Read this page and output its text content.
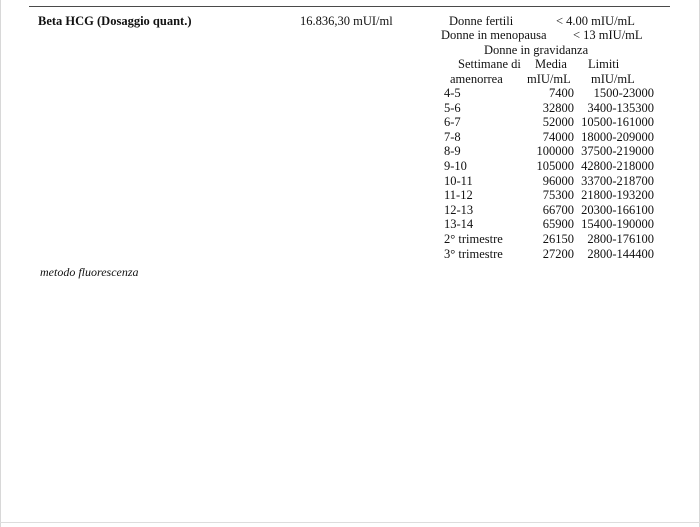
Beta HCG (Dosaggio quant.)	16.836,30 mUI/ml	Donne fertili	< 4.00 mIU/mL
Donne in menopausa < 13 mIU/mL
Donne in gravidanza
Settimane di Media Limiti
amenorrea mIU/mL mIU/mL
4-5	7400	1500-23000
5-6	32800	3400-135300
6-7	52000	10500-161000
7-8	74000	18000-209000
8-9	100000	37500-219000
9-10	105000	42800-218000
10-11	96000	33700-218700
11-12	75300	21800-193200
12-13	66700	20300-166100
13-14	65900	15400-190000
2° trimestre	26150	2800-176100
3° trimestre	27200	2800-144400
metodo fluorescenza
